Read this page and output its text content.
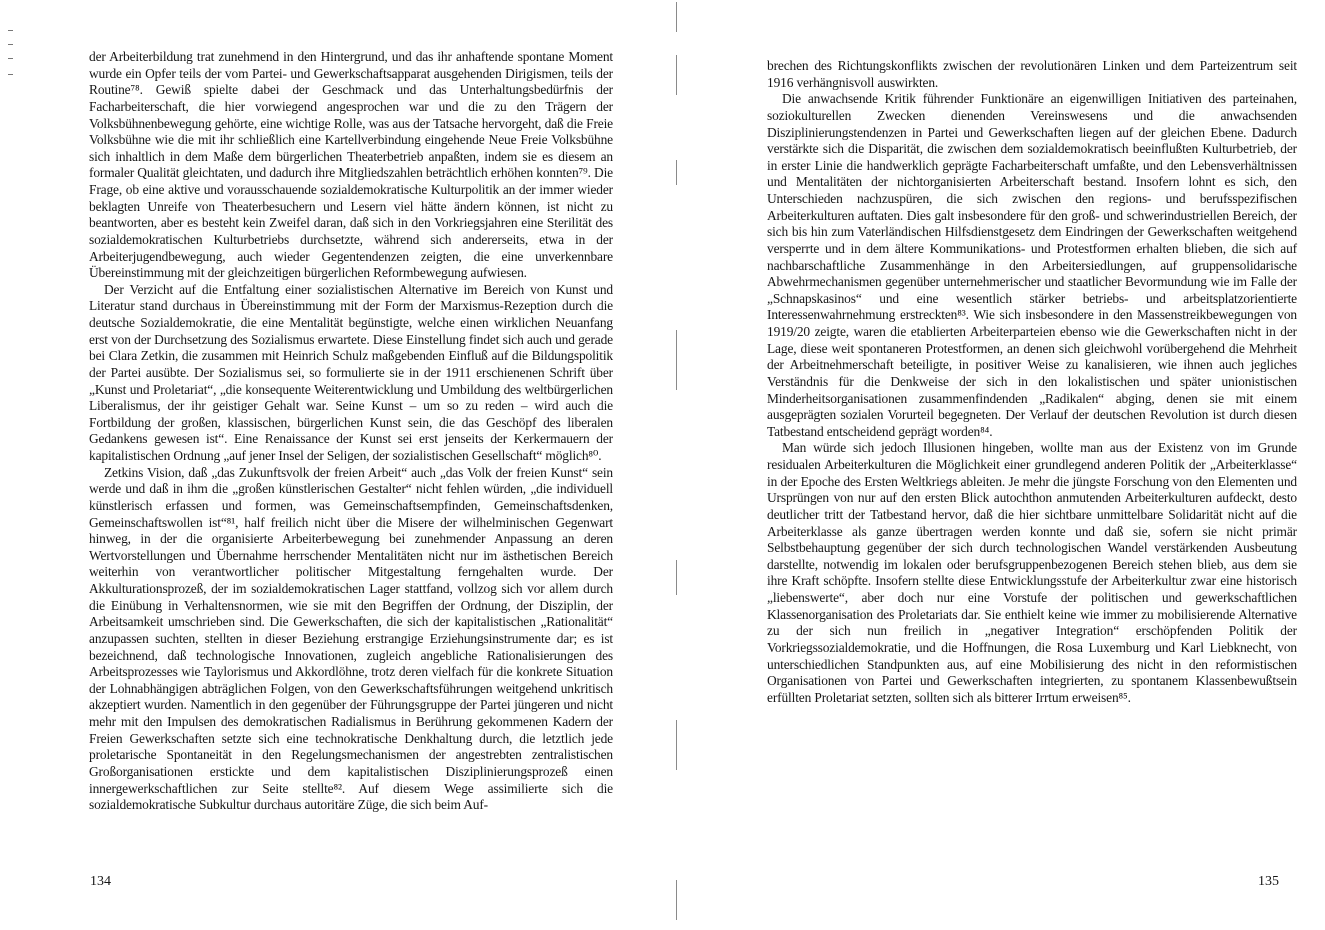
der Arbeiterbildung trat zunehmend in den Hintergrund, und das ihr anhaftende spontane Moment wurde ein Opfer teils der vom Partei- und Gewerkschaftsapparat ausgehenden Dirigismen, teils der Routine⁷⁸. Gewiß spielte dabei der Geschmack und das Unterhaltungsbedürfnis der Facharbeiterschaft, die hier vorwiegend angesprochen war und die zu den Trägern der Volksbühnenbewegung gehörte, eine wichtige Rolle, was aus der Tatsache hervorgeht, daß die Freie Volksbühne wie die mit ihr schließlich eine Kartellverbindung eingehende Neue Freie Volksbühne sich inhaltlich in dem Maße dem bürgerlichen Theaterbetrieb anpaßten, indem sie es diesem an formaler Qualität gleichtaten, und dadurch ihre Mitgliedszahlen beträchtlich erhöhen konnten⁷⁹. Die Frage, ob eine aktive und vorausschauende sozialdemokratische Kulturpolitik an der immer wieder beklagten Unreife von Theaterbesuchern und Lesern viel hätte ändern können, ist nicht zu beantworten, aber es besteht kein Zweifel daran, daß sich in den Vorkriegsjahren eine Sterilität des sozialdemokratischen Kulturbetriebs durchsetzte, während sich andererseits, etwa in der Arbeiterjugendbewegung, auch wieder Gegentendenzen zeigten, die eine unverkennbare Übereinstimmung mit der gleichzeitigen bürgerlichen Reformbewegung aufwiesen.

Der Verzicht auf die Entfaltung einer sozialistischen Alternative im Bereich von Kunst und Literatur stand durchaus in Übereinstimmung mit der Form der Marxismus-Rezeption durch die deutsche Sozialdemokratie, die eine Mentalität begünstigte, welche einen wirklichen Neuanfang erst von der Durchsetzung des Sozialismus erwartete. Diese Einstellung findet sich auch und gerade bei Clara Zetkin, die zusammen mit Heinrich Schulz maßgebenden Einfluß auf die Bildungspolitik der Partei ausübte. Der Sozialismus sei, so formulierte sie in der 1911 erschienenen Schrift über „Kunst und Proletariat“, „die konsequente Weiterentwicklung und Umbildung des weltbürgerlichen Liberalismus, der ihr geistiger Gehalt war. Seine Kunst – um so zu reden – wird auch die Fortbildung der großen, klassischen, bürgerlichen Kunst sein, die das Geschöpf des liberalen Gedankens gewesen ist“. Eine Renaissance der Kunst sei erst jenseits der Kerkermauern der kapitalistischen Ordnung „auf jener Insel der Seligen, der sozialistischen Gesellschaft“ möglich⁸⁰.

Zetkins Vision, daß „das Zukunftsvolk der freien Arbeit“ auch „das Volk der freien Kunst“ sein werde und daß in ihm die „großen künstlerischen Gestalter“ nicht fehlen würden, „die individuell künstlerisch erfassen und formen, was Gemeinschaftsempfinden, Gemeinschaftsdenken, Gemeinschaftswollen ist“⁸¹, half freilich nicht über die Misere der wilhelminischen Gegenwart hinweg, in der die organisierte Arbeiterbewegung bei zunehmender Anpassung an deren Wertvorstellungen und Übernahme herrschender Mentalitäten nicht nur im ästhetischen Bereich weiterhin von verantwortlicher politischer Mitgestaltung ferngehalten wurde. Der Akkulturationsprozeß, der im sozialdemokratischen Lager stattfand, vollzog sich vor allem durch die Einübung in Verhaltensnormen, wie sie mit den Begriffen der Ordnung, der Disziplin, der Arbeitsamkeit umschrieben sind. Die Gewerkschaften, die sich der kapitalistischen „Rationalität“ anzupassen suchten, stellten in dieser Beziehung erstrangige Erziehungsinstrumente dar; es ist bezeichnend, daß technologische Innovationen, zugleich angebliche Rationalisierungen des Arbeitsprozesses wie Taylorismus und Akkordlöhne, trotz deren vielfach für die konkrete Situation der Lohnabhängigen abträglichen Folgen, von den Gewerkschaftsführungen weitgehend unkritisch akzeptiert wurden. Namentlich in den gegenüber der Führungsgruppe der Partei jüngeren und nicht mehr mit den Impulsen des demokratischen Radialismus in Berührung gekommenen Kadern der Freien Gewerkschaften setzte sich eine technokratische Denkhaltung durch, die letztlich jede proletarische Spontaneität in den Regelungsmechanismen der angestrebten zentralistischen Großorganisationen erstickte und dem kapitalistischen Disziplinierungsprozeß einen innergewerkschaftlichen zur Seite stellte⁸². Auf diesem Wege assimilierte sich die sozialdemokratische Subkultur durchaus autoritäre Züge, die sich beim Auf-

134

brechen des Richtungskonflikts zwischen der revolutionären Linken und dem Parteizentrum seit 1916 verhängnisvoll auswirkten.

Die anwachsende Kritik führender Funktionäre an eigenwilligen Initiativen des parteinahen, soziokulturellen Zwecken dienenden Vereinswesens und die anwachsenden Disziplinierungstendenzen in Partei und Gewerkschaften liegen auf der gleichen Ebene. Dadurch verstärkte sich die Disparität, die zwischen dem sozialdemokratisch beeinflußten Kulturbetrieb, der in erster Linie die handwerklich geprägte Facharbeiterschaft umfaßte, und den Lebensverhältnissen und Mentalitäten der nichtorganisierten Arbeiterschaft bestand. Insofern lohnt es sich, den Unterschieden nachzuspüren, die sich zwischen den regions- und berufsspezifischen Arbeiterkulturen auftaten. Dies galt insbesondere für den groß- und schwerindustriellen Bereich, der sich bis hin zum Vaterländischen Hilfsdienstgesetz dem Eindringen der Gewerkschaften weitgehend versperrte und in dem ältere Kommunikations- und Protestformen erhalten blieben, die sich auf nachbarschaftliche Zusammenhänge in den Arbeitersiedlungen, auf gruppensolidarische Abwehrmechanismen gegenüber unternehmerischer und staatlicher Bevormundung wie im Falle der „Schnapskasinos“ und eine wesentlich stärker betriebs- und arbeitsplatzorientierte Interessenwahrnehmung erstreckten⁸³. Wie sich insbesondere in den Massenstreikbewegungen von 1919/20 zeigte, waren die etablierten Arbeiterparteien ebenso wie die Gewerkschaften nicht in der Lage, diese weit spontaneren Protestformen, an denen sich gleichwohl vorübergehend die Mehrheit der Arbeitnehmerschaft beteiligte, in positiver Weise zu kanalisieren, wie ihnen auch jegliches Verständnis für die Denkweise der sich in den lokalistischen und später unionistischen Minderheitsorganisationen zusammenfindenden „Radikalen“ abging, denen sie mit einem ausgeprägten sozialen Vorurteil begegneten. Der Verlauf der deutschen Revolution ist durch diesen Tatbestand entscheidend geprägt worden⁸⁴.

Man würde sich jedoch Illusionen hingeben, wollte man aus der Existenz von im Grunde residualen Arbeiterkulturen die Möglichkeit einer grundlegend anderen Politik der „Arbeiterklasse“ in der Epoche des Ersten Weltkriegs ableiten. Je mehr die jüngste Forschung von den Elementen und Ursprüngen von nur auf den ersten Blick autochthon anmutenden Arbeiterkulturen aufdeckt, desto deutlicher tritt der Tatbestand hervor, daß die hier sichtbare unmittelbare Solidarität nicht auf die Arbeiterklasse als ganze übertragen werden konnte und daß sie, sofern sie nicht primär Selbstbehauptung gegenüber der sich durch technologischen Wandel verstärkenden Ausbeutung darstellte, notwendig im lokalen oder berufsgruppenbezogenen Bereich stehen blieb, aus dem sie ihre Kraft schöpfte. Insofern stellte diese Entwicklungsstufe der Arbeiterkultur zwar eine historisch „liebenswerte“, aber doch nur eine Vorstufe der politischen und gewerkschaftlichen Klassenorganisation des Proletariats dar. Sie enthielt keine wie immer zu mobilisierende Alternative zu der sich nun freilich in „negativer Integration“ erschöpfenden Politik der Vorkriegssozialdemokratie, und die Hoffnungen, die Rosa Luxemburg und Karl Liebknecht, von unterschiedlichen Standpunkten aus, auf eine Mobilisierung des nicht in den reformistischen Organisationen von Partei und Gewerkschaften integrierten, zu spontanem Klassenbewußtsein erfüllten Proletariat setzten, sollten sich als bitterer Irrtum erweisen⁸⁵.

135
